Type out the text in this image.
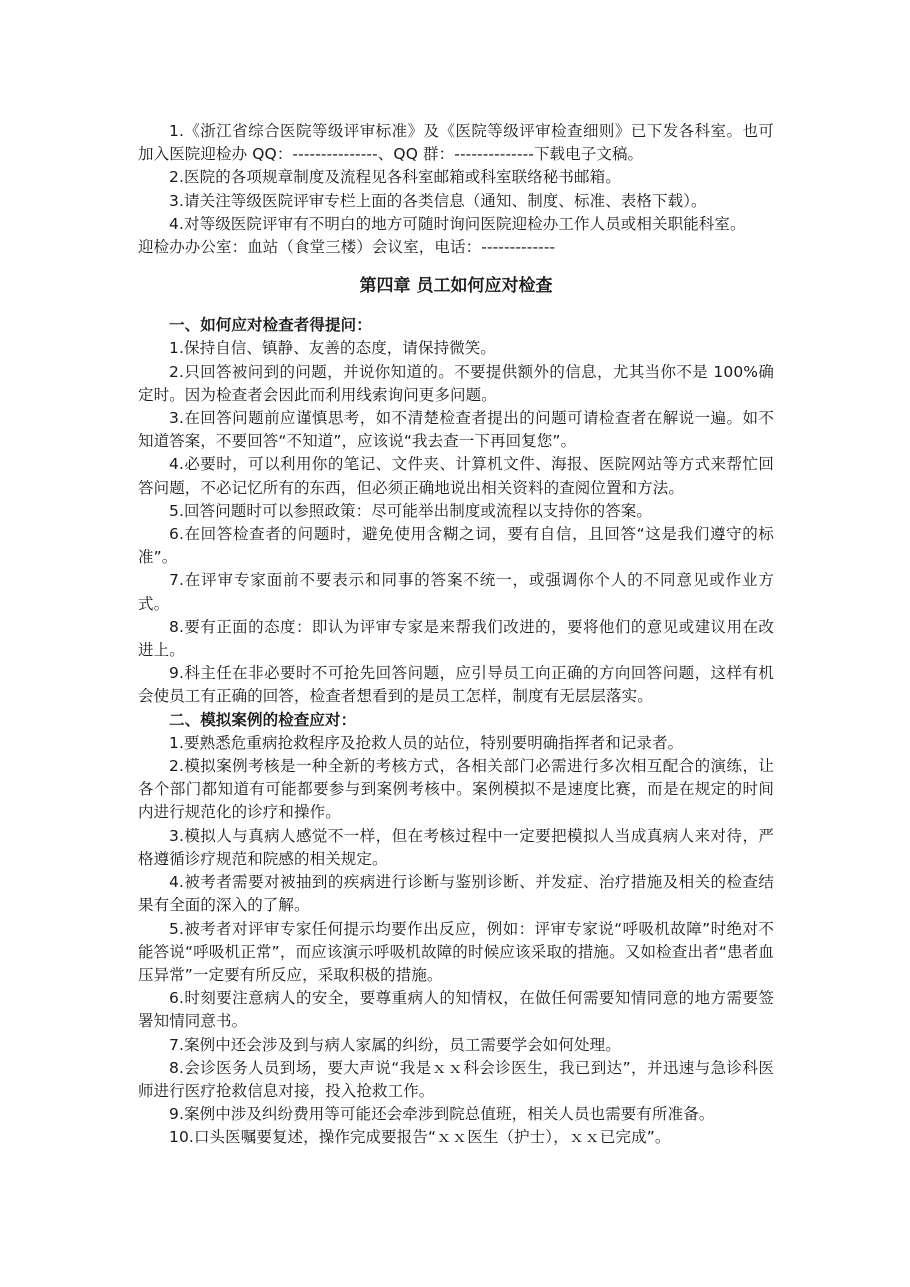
1.《浙江省综合医院等级评审标准》及《医院等级评审检查细则》已下发各科室。也可加入医院迎检办 QQ：---------------、QQ 群：--------------下载电子文稿。

2.医院的各项规章制度及流程见各科室邮箱或科室联络秘书邮箱。

3.请关注等级医院评审专栏上面的各类信息（通知、制度、标准、表格下载）。

4.对等级医院评审有不明白的地方可随时询问医院迎检办工作人员或相关职能科室。

迎检办办公室：血站（食堂三楼）会议室，电话：-------------

第四章 员工如何应对检查

一、如何应对检查者得提问：

1.保持自信、镇静、友善的态度，请保持微笑。

2.只回答被问到的问题，并说你知道的。不要提供额外的信息，尤其当你不是 100%确定时。因为检查者会因此而利用线索询问更多问题。

3.在回答问题前应谨慎思考，如不清楚检查者提出的问题可请检查者在解说一遍。如不知道答案，不要回答“不知道”，应该说“我去查一下再回复您”。

4.必要时，可以利用你的笔记、文件夹、计算机文件、海报、医院网站等方式来帮忙回答问题，不必记忆所有的东西，但必须正确地说出相关资料的查阅位置和方法。

5.回答问题时可以参照政策：尽可能举出制度或流程以支持你的答案。

6.在回答检查者的问题时，避免使用含糊之词，要有自信，且回答“这是我们遵守的标准”。

7.在评审专家面前不要表示和同事的答案不统一，或强调你个人的不同意见或作业方式。

8.要有正面的态度：即认为评审专家是来帮我们改进的，要将他们的意见或建议用在改进上。

9.科主任在非必要时不可抢先回答问题，应引导员工向正确的方向回答问题，这样有机会使员工有正确的回答，检查者想看到的是员工怎样，制度有无层层落实。

二、模拟案例的检查应对：

1.要熟悉危重病抢救程序及抢救人员的站位，特别要明确指挥者和记录者。

2.模拟案例考核是一种全新的考核方式，各相关部门必需进行多次相互配合的演练，让各个部门都知道有可能都要参与到案例考核中。案例模拟不是速度比赛，而是在规定的时间内进行规范化的诊疗和操作。

3.模拟人与真病人感觉不一样，但在考核过程中一定要把模拟人当成真病人来对待，严格遵循诊疗规范和院感的相关规定。

4.被考者需要对被抽到的疾病进行诊断与鉴别诊断、并发症、治疗措施及相关的检查结果有全面的深入的了解。

5.被考者对评审专家任何提示均要作出反应，例如：评审专家说“呼吸机故障”时绝对不能答说“呼吸机正常”，而应该演示呼吸机故障的时候应该采取的措施。又如检查出者“患者血压异常”一定要有所反应，采取积极的措施。

6.时刻要注意病人的安全，要尊重病人的知情权，在做任何需要知情同意的地方需要签署知情同意书。

7.案例中还会涉及到与病人家属的纠纷，员工需要学会如何处理。

8.会诊医务人员到场，要大声说“我是ｘｘ科会诊医生，我已到达”，并迅速与急诊科医师进行医疗抢救信息对接，投入抢救工作。

9.案例中涉及纠纷费用等可能还会牵涉到院总值班，相关人员也需要有所准备。

10.口头医嘱要复述，操作完成要报告“ｘｘ医生（护士），ｘｘ已完成”。
